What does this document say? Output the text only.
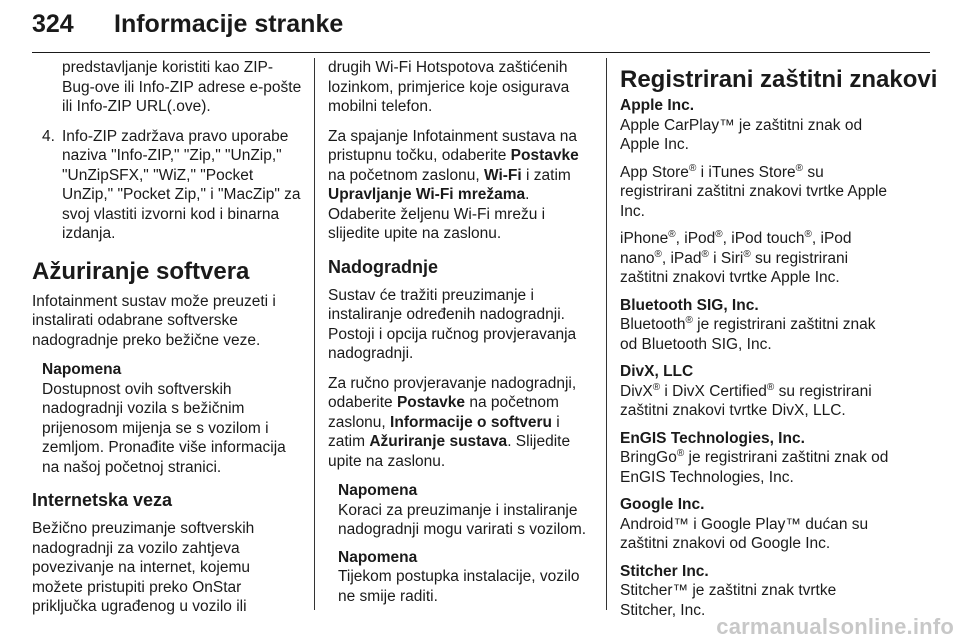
324 Informacije stranke

predstavljanje koristiti kao ZIP-Bug-ove ili Info-ZIP adrese e-pošte ili Info-ZIP URL(.ove).

4. Info-ZIP zadržava pravo uporabe naziva "Info-ZIP," "Zip," "UnZip," "UnZipSFX," "WiZ," "Pocket UnZip," "Pocket Zip," i "MacZip" za svoj vlastiti izvorni kod i binarna izdanja.
Ažuriranje softvera

Infotainment sustav može preuzeti i instalirati odabrane softverske nadogradnje preko bežične veze.

Napomena
Dostupnost ovih softverskih nadogradnji vozila s bežičnim prijenosom mijenja se s vozilom i zemljom. Pronađite više informacija na našoj početnoj stranici.
Internetska veza

Bežično preuzimanje softverskih nadogradnji za vozilo zahtjeva povezivanje na internet, kojemu možete pristupiti preko OnStar priključka ugrađenog u vozilo ili

drugih Wi-Fi Hotspotova zaštićenih lozinkom, primjerice koje osigurava mobilni telefon.

Za spajanje Infotainment sustava na pristupnu točku, odaberite Postavke na početnom zaslonu, Wi-Fi i zatim Upravljanje Wi-Fi mrežama. Odaberite željenu Wi-Fi mrežu i slijedite upite na zaslonu.

Nadogradnje

Sustav će tražiti preuzimanje i instaliranje određenih nadogradnji. Postoji i opcija ručnog provjeravanja nadogradnji.

Za ručno provjeravanje nadogradnji, odaberite Postavke na početnom zaslonu, Informacije o softveru i zatim Ažuriranje sustava. Slijedite upite na zaslonu.

Napomena
Koraci za preuzimanje i instaliranje nadogradnji mogu varirati s vozilom.
Napomena
Tijekom postupka instalacije, vozilo ne smije raditi.
Registrirani zaštitni znakovi
Apple Inc.

Apple CarPlay™ je zaštitni znak od Apple Inc.

App Store® i iTunes Store® su registrirani zaštitni znakovi tvrtke Apple Inc.

iPhone®, iPod®, iPod touch®, iPod nano®, iPad® i Siri® su registrirani zaštitni znakovi tvrtke Apple Inc.

Bluetooth SIG, Inc.
Bluetooth® je registrirani zaštitni znak od Bluetooth SIG, Inc.
DivX, LLC
DivX® i DivX Certified® su registrirani zaštitni znakovi tvrtke DivX, LLC.
EnGIS Technologies, Inc.
BringGo® je registrirani zaštitni znak od EnGIS Technologies, Inc.
Google Inc.
Android™ i Google Play™ dućan su zaštitni znakovi od Google Inc.
Stitcher Inc.
Stitcher™ je zaštitni znak tvrtke Stitcher, Inc.
carmanualsonline.info
